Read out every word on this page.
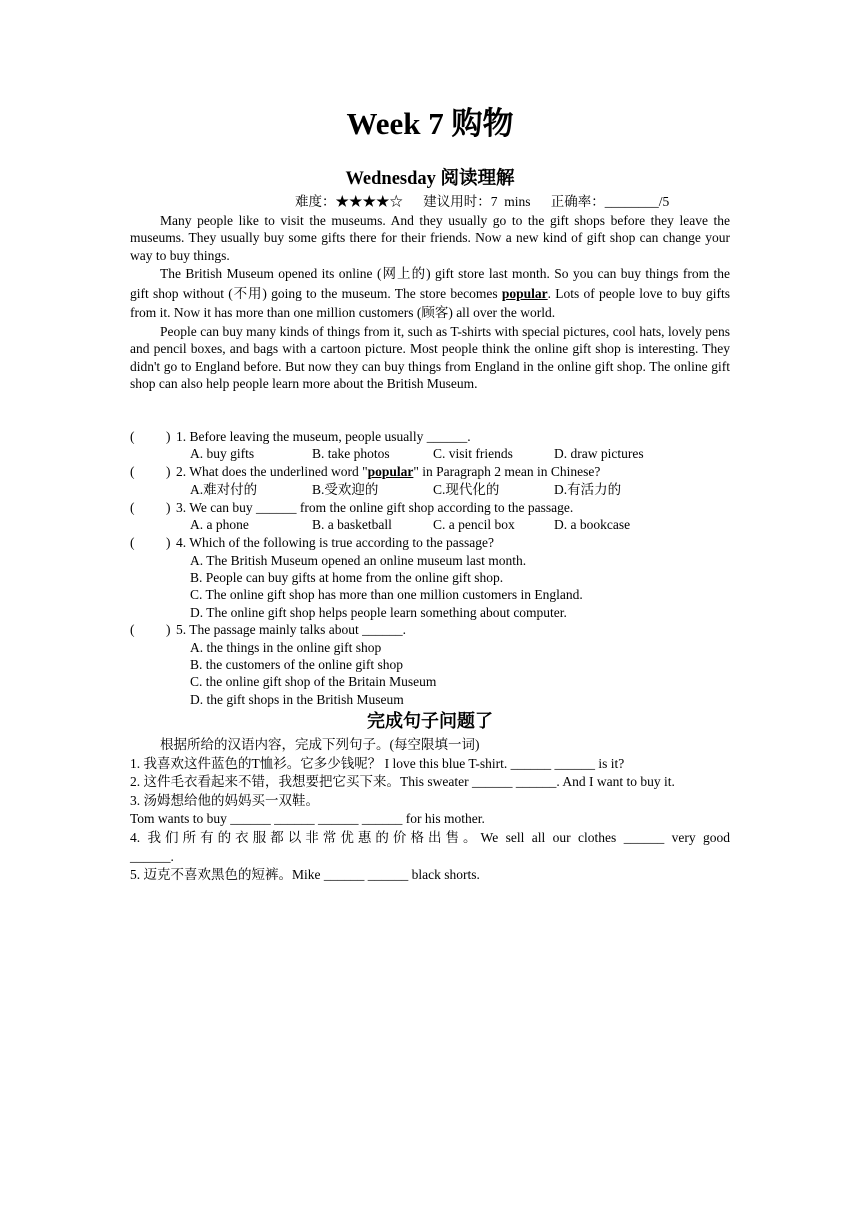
Week 7 购物
Wednesday 阅读理解
难度：★★★★☆ 建议用时：7  mins 正确率：________/5

Many people like to visit the museums. And they usually go to the gift shops before they leave the museums. They usually buy some gifts there for their friends. Now a new kind of gift shop can change your way to buy things.

The British Museum opened its online (网上的) gift store last month. So you can buy things from the gift shop without (不用) going to the museum. The store becomes popular. Lots of people love to buy gifts from it. Now it has more than one million customers (顾客) all over the world.

People can buy many kinds of things from it, such as T-shirts with special pictures, cool hats, lovely pens and pencil boxes, and bags with a cartoon picture. Most people think the online gift shop is interesting. They didn't go to England before. But now they can buy things from England in the online gift shop. The online gift shop can also help people learn more about the British Museum.

( ) 1. Before leaving the museum, people usually ______.
A. buy gifts	B. take photos	C. visit friends	D. draw pictures
( ) 2. What does the underlined word "popular" in Paragraph 2 mean in Chinese?
A.难对付的	B.受欢迎的	C.现代化的	D.有活力的
( ) 3. We can buy ______ from the online gift shop according to the passage.
A. a phone	B. a basketball	C. a pencil box	D. a bookcase
( ) 4. Which of the following is true according to the passage?
A. The British Museum opened an online museum last month.
B. People can buy gifts at home from the online gift shop.
C. The online gift shop has more than one million customers in England.
D. The online gift shop helps people learn something about computer.
( ) 5. The passage mainly talks about ______.
A. the things in the online gift shop
B. the customers of the online gift shop
C. the online gift shop of the Britain Museum
D. the gift shops in the British Museum
完成句子问题了
根据所给的汉语内容，完成下列句子。(每空限填一词)
1. 我喜欢这件蓝色的T恤衫。它多少钱呢？ I love this blue T-shirt. ______ ______ is it?
2. 这件毛衣看起来不错，我想要把它买下来。This sweater ______ ______. And I want to buy it.
3. 汤姆想给他的妈妈买一双鞋。
Tom wants to buy ______ ______ ______ ______ for his mother.
4. 我们所有的衣服都以非常优惠的价格出售。We sell all our clothes ______ very good
______.
5. 迈克不喜欢黑色的短裤。Mike ______ ______ black shorts.
